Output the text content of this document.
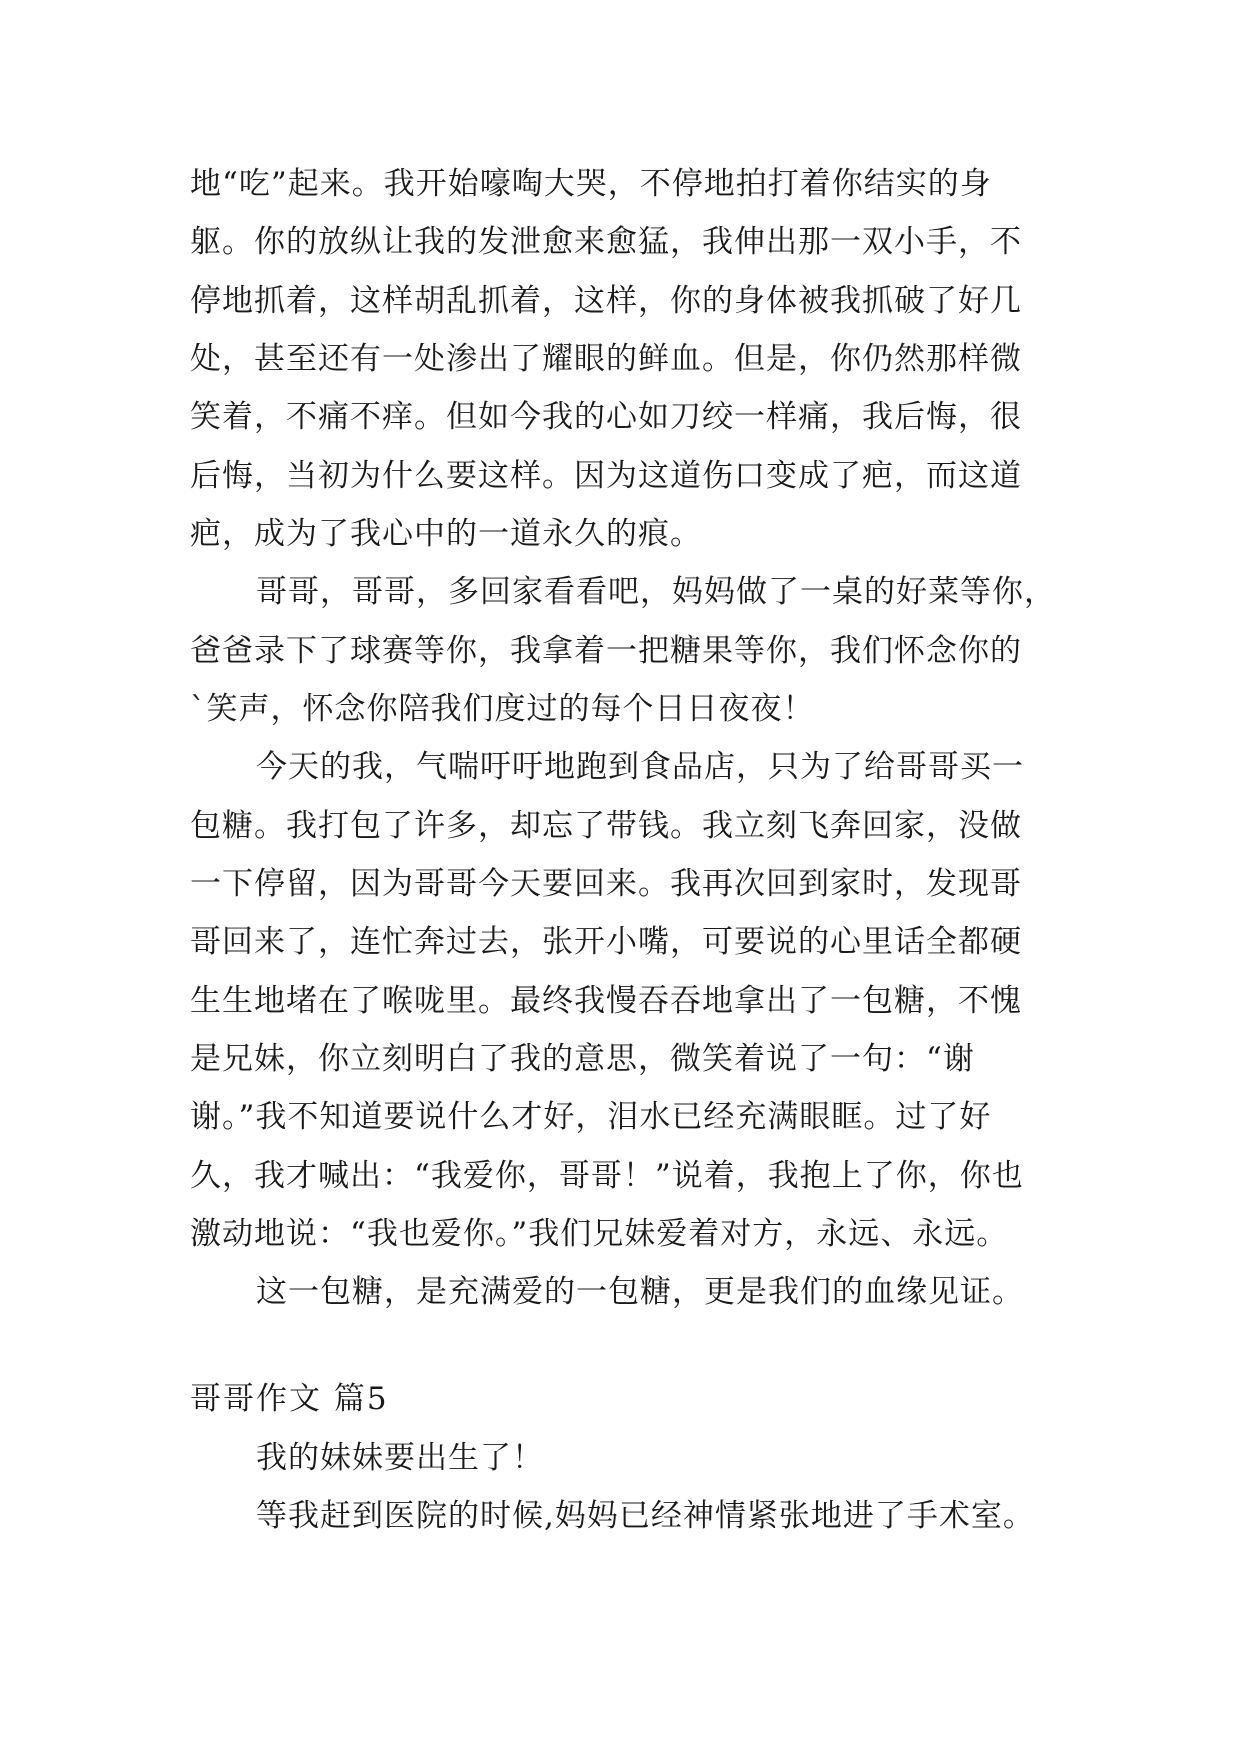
地“吃”起来。我开始嚎啕大哭，不停地拍打着你结实的身
躯。你的放纵让我的发泄愈来愈猛，我伸出那一双小手，不
停地抓着，这样胡乱抓着，这样，你的身体被我抓破了好几
处，甚至还有一处渗出了耀眼的鲜血。但是，你仍然那样微
笑着，不痛不痒。但如今我的心如刀绞一样痛，我后悔，很
后悔，当初为什么要这样。因为这道伤口变成了疤，而这道
疤，成为了我心中的一道永久的痕。
哥哥，哥哥，多回家看看吧，妈妈做了一桌的好菜等你，
爸爸录下了球赛等你，我拿着一把糖果等你，我们怀念你的
`笑声，怀念你陪我们度过的每个日日夜夜！
今天的我，气喘吁吁地跑到食品店，只为了给哥哥买一
包糖。我打包了许多，却忘了带钱。我立刻飞奔回家，没做
一下停留，因为哥哥今天要回来。我再次回到家时，发现哥
哥回来了，连忙奔过去，张开小嘴，可要说的心里话全都硬
生生地堵在了喉咙里。最终我慢吞吞地拿出了一包糖，不愧
是兄妹，你立刻明白了我的意思，微笑着说了一句：“谢
谢。”我不知道要说什么才好，泪水已经充满眼眶。过了好
久，我才喊出：“我爱你，哥哥！”说着，我抱上了你，你也
激动地说：“我也爱你。”我们兄妹爱着对方，永远、永远。
这一包糖，是充满爱的一包糖，更是我们的血缘见证。
哥哥作文 篇5
我的妹妹要出生了！
等我赶到医院的时候,妈妈已经神情紧张地进了手术室。
